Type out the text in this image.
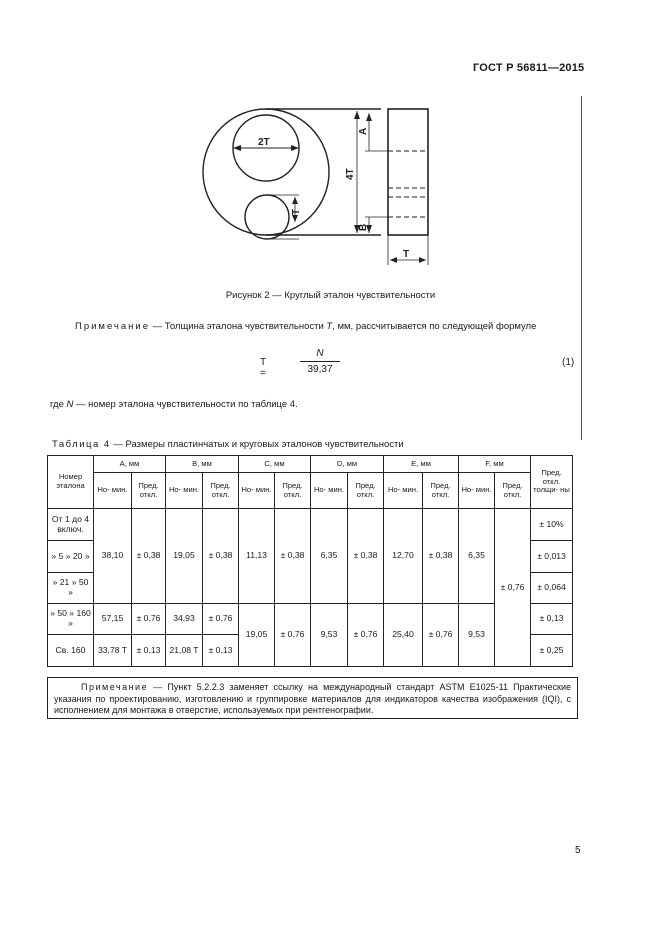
ГОСТ Р 56811—2015
2T
T
4T
A
B
T
Рисунок 2 — Круглый эталон чувствительности
Примечание — Толщина эталона чувствительности T, мм, рассчитывается по следующей формуле
T =
N
39,37
(1)
где N — номер эталона чувствительности по таблице 4.
Таблица 4 — Размеры пластинчатых и круговых эталонов чувствительности
Номер эталона	A, мм		B, мм		C, мм		D, мм		E, мм		F, мм		Пред. откл. толщи- ны
	Но- мин.	Пред. откл.	Но- мин.	Пред. откл.	Но- мин.	Пред. откл.	Но- мин.	Пред. откл.	Но- мин.	Пред. откл.	Но- мин.	Пред. откл.	
От 1 до 4 включ.	38,10	± 0,38	19,05	± 0,38	11,13	± 0,38	6,35	± 0,38	12,70	± 0,38	6,35	± 0,76	± 10%
» 5 » 20 »													± 0,013
» 21 » 50 »													± 0,064
» 50 » 160 »	57,15	± 0,76	34,93	± 0,76	19,05	± 0,76	9,53	± 0,76	25,40	± 0,76	9,53		± 0,13
Св. 160	33,78 T	± 0,13	21,08 T	± 0,13									± 0,25
Примечание — Пункт 5.2.2.3 заменяет ссылку на международный стандарт ASTM E1025-11 Практические указания по проектированию, изготовлению и группировке материалов для индикаторов качества изображения (IQI), с исполнением для монтажа в отверстие, используемых при рентгенографии.
5
